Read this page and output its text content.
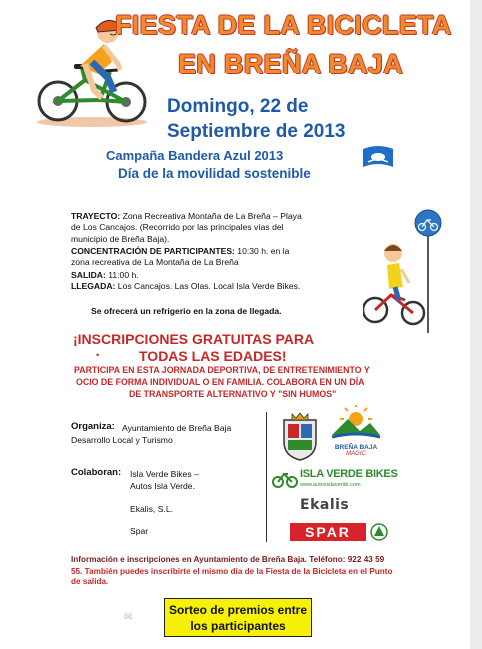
FIESTA DE LA BICICLETA
EN BREÑA BAJA
Domingo, 22 de
Septiembre de 2013
Campaña Bandera Azul 2013
Día de la movilidad sostenible
TRAYECTO: Zona Recreativa Montaña de La Breña – Playa
de Los Cancajos. (Recorrido por las principales vías del
municipio de Breña Baja).
CONCENTRACIÓN DE PARTICIPANTES: 10:30 h. en la
zona recreativa de La Montaña de La Breña
SALIDA: 11:00 h.
LLEGADA: Los Cancajos. Las Olas. Local Isla Verde Bikes.
Se ofrecerá un refrigerio en la zona de llegada.
¡INSCRIPCIONES GRATUITAS PARA
•	TODAS LAS EDADES!
PARTICIPA EN ESTA JORNADA DEPORTIVA, DE ENTRETENIMIENTO Y
OCIO DE FORMA INDIVIDUAL O EN FAMILIA. COLABORA EN UN DÍA
DE TRANSPORTE ALTERNATIVO Y "SIN HUMOS"
Organiza: Ayuntamiento de Breña Baja
Desarrollo Local y Turismo
Colaboran: Isla Verde Bikes –
Autos Isla Verde.
Ekalis, S.L.
Spar
BREÑA BAJA
MAGIC
ISLA VERDE BIKES
www.autosislaverde.com
Ekalis
SPAR
Información e inscripciones en Ayuntamiento de Breña Baja. Teléfono: 922 43 59
55. También puedes inscribirte el mismo día de la Fiesta de la Bicicleta en el Punto
de salida.
✉
Sorteo de premios entre
los participantes
